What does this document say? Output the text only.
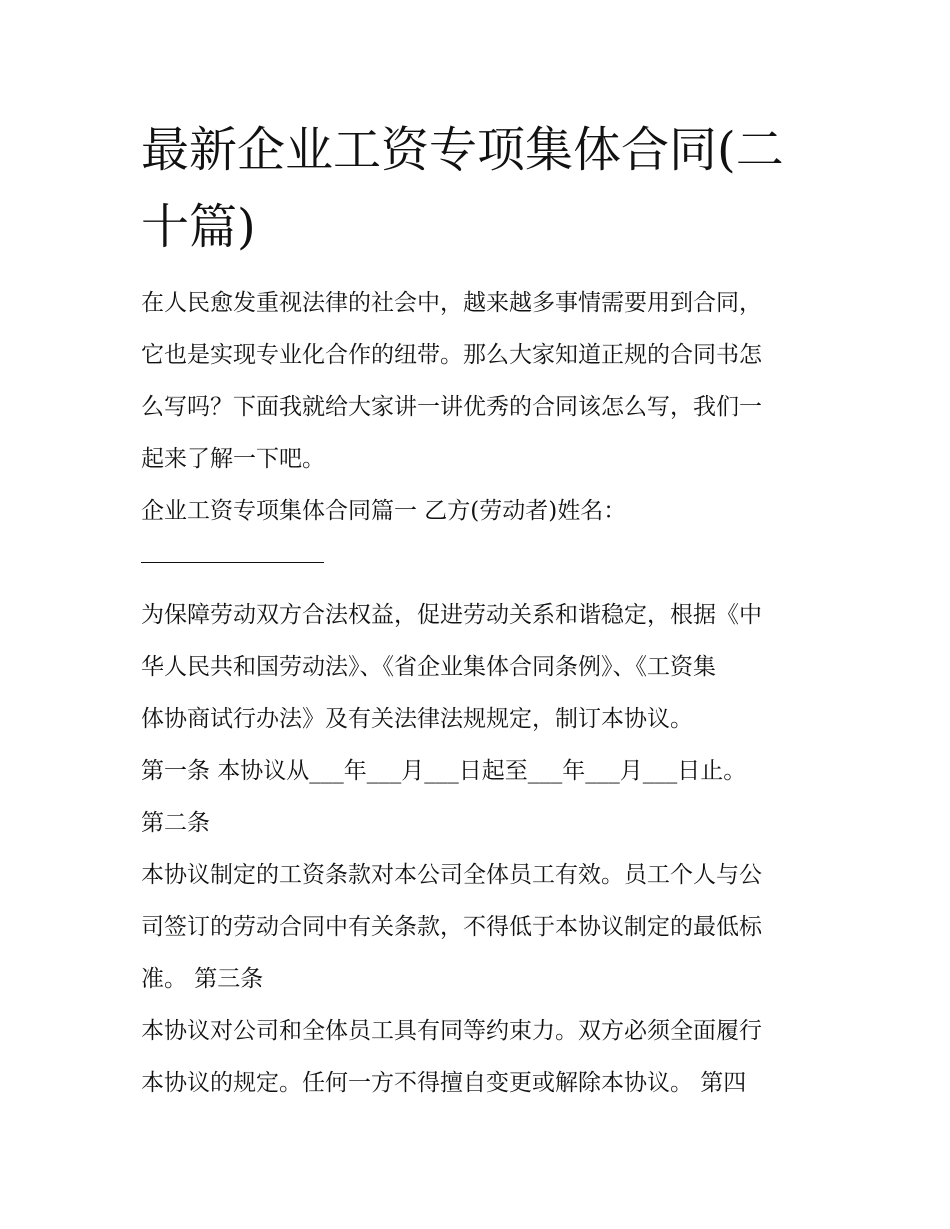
最新企业工资专项集体合同(二
十篇)
在人民愈发重视法律的社会中，越来越多事情需要用到合同，
它也是实现专业化合作的纽带。那么大家知道正规的合同书怎
么写吗？下面我就给大家讲一讲优秀的合同该怎么写，我们一
起来了解一下吧。
企业工资专项集体合同篇一 乙方(劳动者)姓名：
为保障劳动双方合法权益，促进劳动关系和谐稳定，根据《中
华人民共和国劳动法》、《省企业集体合同条例》、《工资集
体协商试行办法》及有关法律法规规定，制订本协议。
第一条 本协议从___年___月___日起至___年___月___日止。
第二条
本协议制定的工资条款对本公司全体员工有效。员工个人与公
司签订的劳动合同中有关条款，不得低于本协议制定的最低标
准。 第三条
本协议对公司和全体员工具有同等约束力。双方必须全面履行
本协议的规定。任何一方不得擅自变更或解除本协议。 第四
